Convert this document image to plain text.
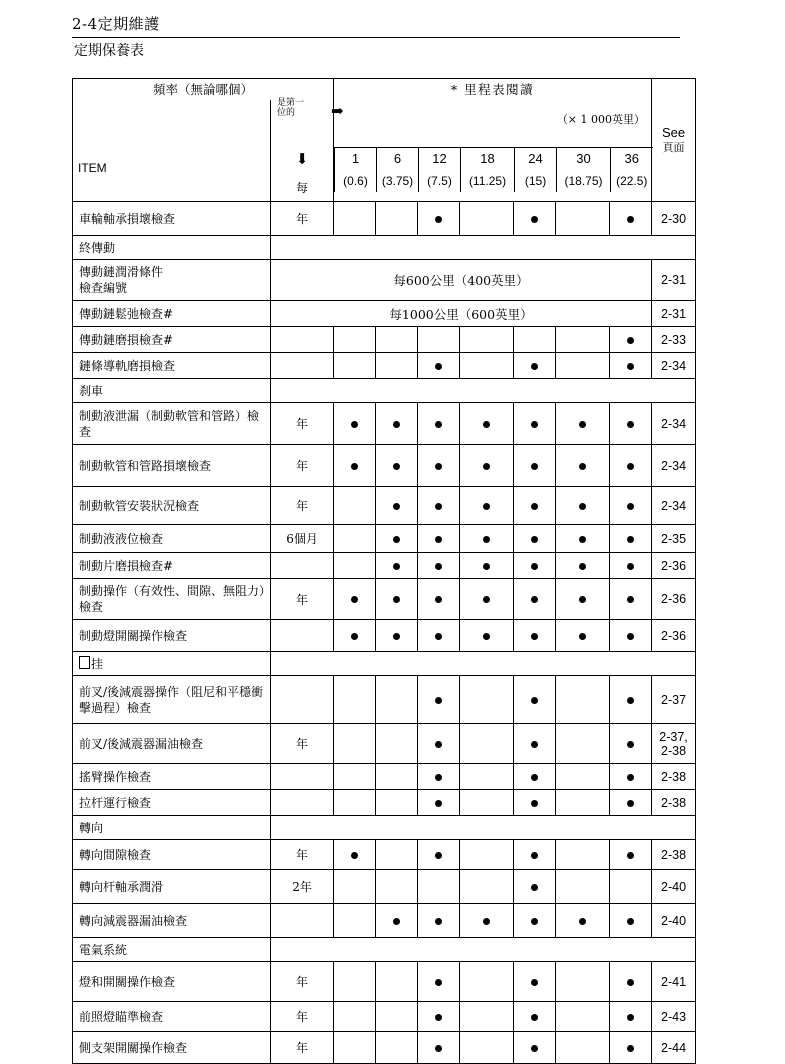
2-4定期維護
定期保養表
頻率（無論哪個）	* 里程表閱讀	
See
頁面

		（× 1 000英里）
ITEM	
是第一
位的	➡
⬇
每

1	6	12	18	24	30	36
(0.6)	(3.75)	(7.5)	(11.25)	(15)	(18.75)	(22.5)

車輪軸承損壞檢查	年								2-30
終傳動	
傳動鏈潤滑條件
檢查編號	每600公里（400英里）	2-31
傳動鏈鬆弛檢查#	每1000公里（600英里）	2-31
傳動鏈磨損檢查#									2-33
鏈條導軌磨損檢查									2-34
刹車	
制動液泄漏（制動軟管和管路）檢查	年								2-34
制動軟管和管路損壞檢查	年								2-34
制動軟管安裝狀況檢查	年								2-34
制動液液位檢查	6個月								2-35
制動片磨損檢查#									2-36
制動操作（有效性、間隙、無阻力）檢查	年								2-36
制動燈開關操作檢查									2-36
挂	
前叉/後減震器操作（阻尼和平穩衝擊過程）檢查									2-37
前叉/後減震器漏油檢查	年								2-37,
2-38
搖臂操作檢查									2-38
拉杆運行檢查									2-38
轉向	
轉向間隙檢查	年								2-38
轉向杆軸承潤滑	2年								2-40
轉向減震器漏油檢查									2-40
電氣系統	
燈和開關操作檢查	年								2-41
前照燈瞄準檢查	年								2-43
側支架開關操作檢查	年								2-44
